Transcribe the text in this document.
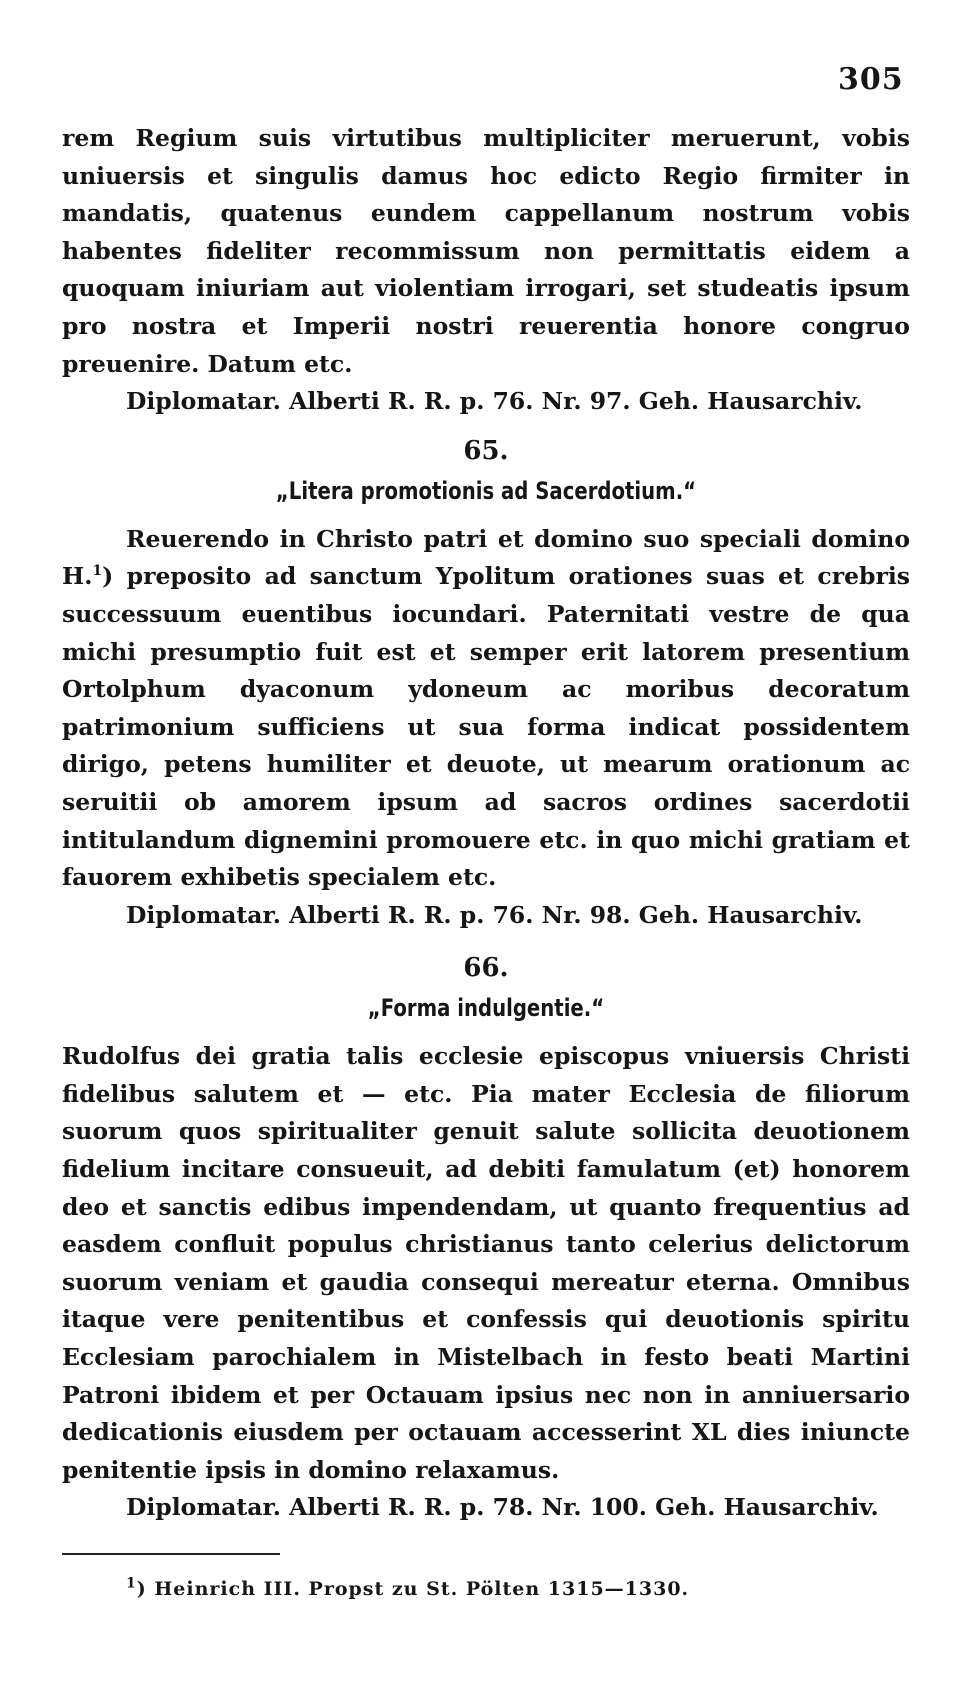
305
rem Regium suis virtutibus multipliciter meruerunt, vobis uniuersis et singulis damus hoc edicto Regio firmiter in mandatis, quatenus eundem cappellanum nostrum vobis habentes fideliter recommissum non permittatis eidem a quoquam iniuriam aut violentiam irrogari, set studeatis ipsum pro nostra et Imperii nostri reuerentia honore congruo preuenire. Datum etc.
Diplomatar. Alberti R. R. p. 76. Nr. 97. Geh. Hausarchiv.
65.
„Litera promotionis ad Sacerdotium.“
Reuerendo in Christo patri et domino suo speciali domino H.$^1$) preposito ad sanctum Ypolitum orationes suas et crebris successuum euentibus iocundari. Paternitati vestre de qua michi presumptio fuit est et semper erit latorem presentium Ortolphum dyaconum ydoneum ac moribus decoratum patrimonium sufficiens ut sua forma indicat possidentem dirigo, petens humiliter et deuote, ut mearum orationum ac seruitii ob amorem ipsum ad sacros ordines sacerdotii intitulandum dignemini promouere etc. in quo michi gratiam et fauorem exhibetis specialem etc.
Diplomatar. Alberti R. R. p. 76. Nr. 98. Geh. Hausarchiv.
66.
„Forma indulgentie.“
Rudolfus dei gratia talis ecclesie episcopus vniuersis Christi fidelibus salutem et — etc. Pia mater Ecclesia de filiorum suorum quos spiritualiter genuit salute sollicita deuotionem fidelium incitare consueuit, ad debiti famulatum (et) honorem deo et sanctis edibus impendendam, ut quanto frequentius ad easdem confluit populus christianus tanto celerius delictorum suorum veniam et gaudia consequi mereatur eterna. Omnibus itaque vere penitentibus et confessis qui deuotionis spiritu Ecclesiam parochialem in Mistelbach in festo beati Martini Patroni ibidem et per Octauam ipsius nec non in anniuersario dedicationis eiusdem per octauam accesserint XL dies iniuncte penitentie ipsis in domino relaxamus.
Diplomatar. Alberti R. R. p. 78. Nr. 100. Geh. Hausarchiv.
$^1$) Heinrich III. Propst zu St. Pölten 1315—1330.
